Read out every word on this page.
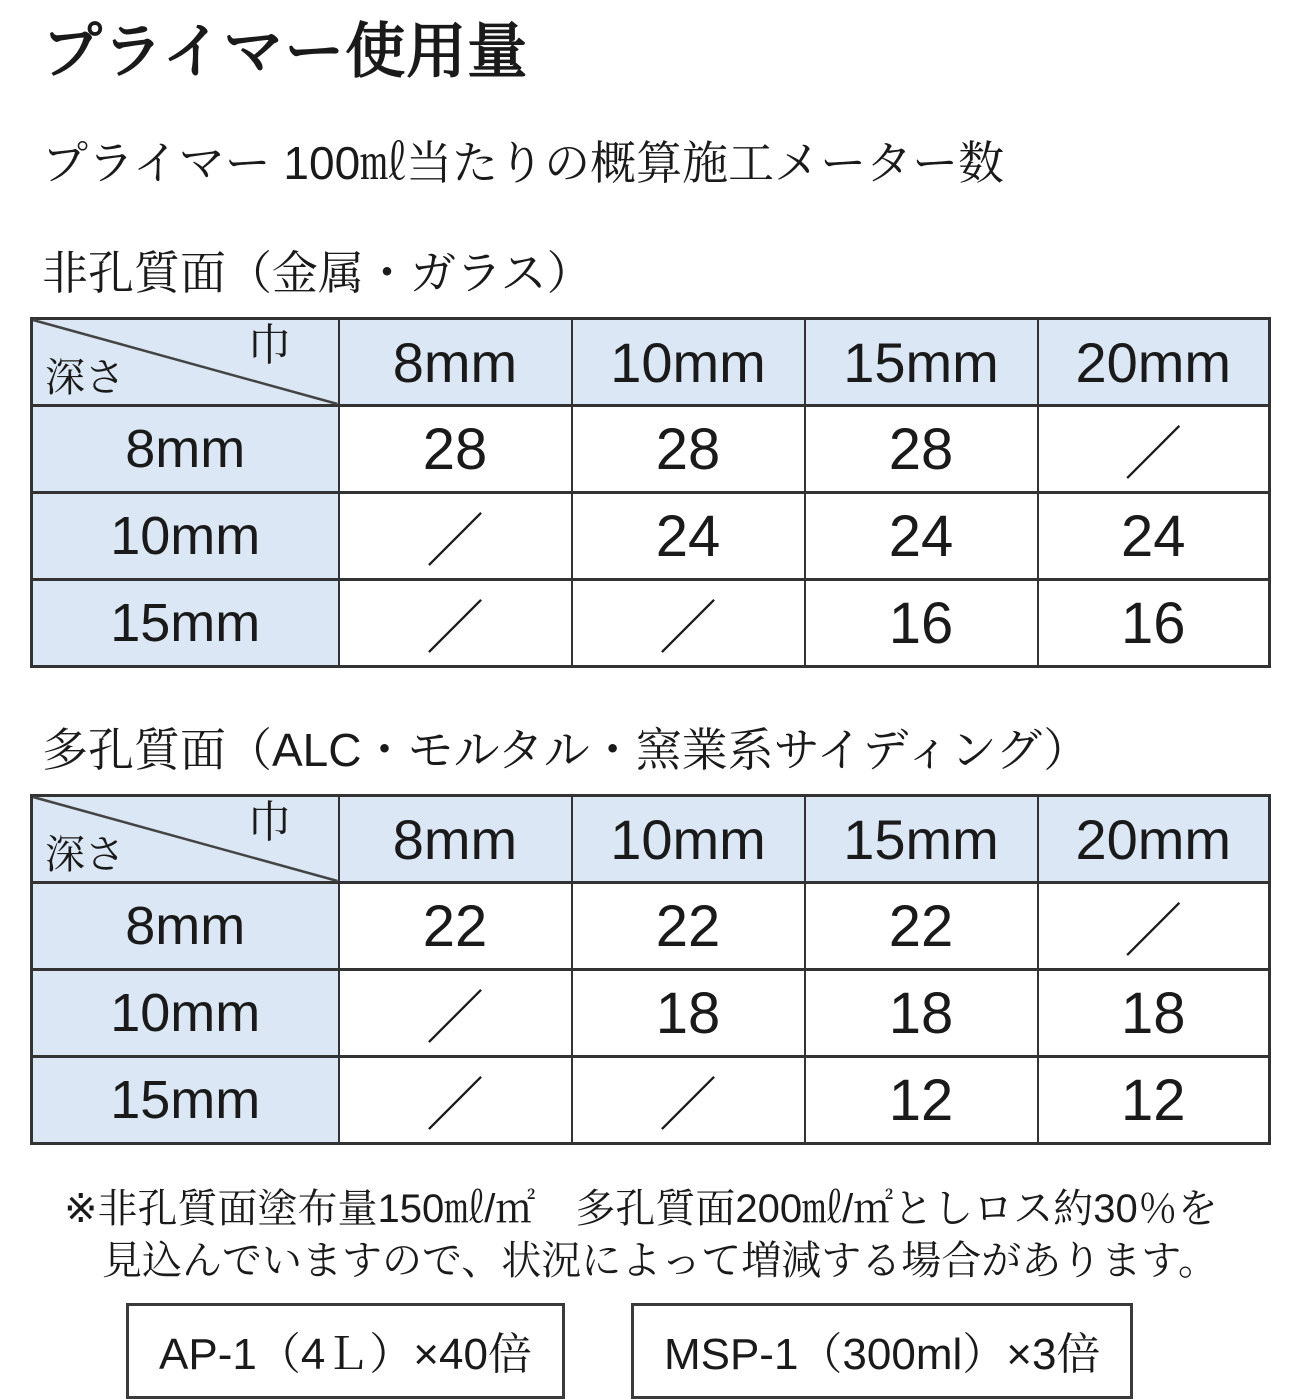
プライマー使用量
プライマー 100㎖当たりの概算施工メーター数
非孔質面（金属・ガラス）
巾
深さ	8mm	10mm	15mm	20mm
8mm	28	28	28	／
10mm	／	24	24	24
15mm	／	／	16	16
多孔質面（ALC・モルタル・窯業系サイディング）
巾
深さ	8mm	10mm	15mm	20mm
8mm	22	22	22	／
10mm	／	18	18	18
15mm	／	／	12	12
※非孔質面塗布量150㎖/㎡　多孔質面200㎖/㎡としロス約30％を
見込んでいますので、状況によって増減する場合があります。
AP-1（4Ｌ）×40倍	MSP-1（300ml）×3倍
